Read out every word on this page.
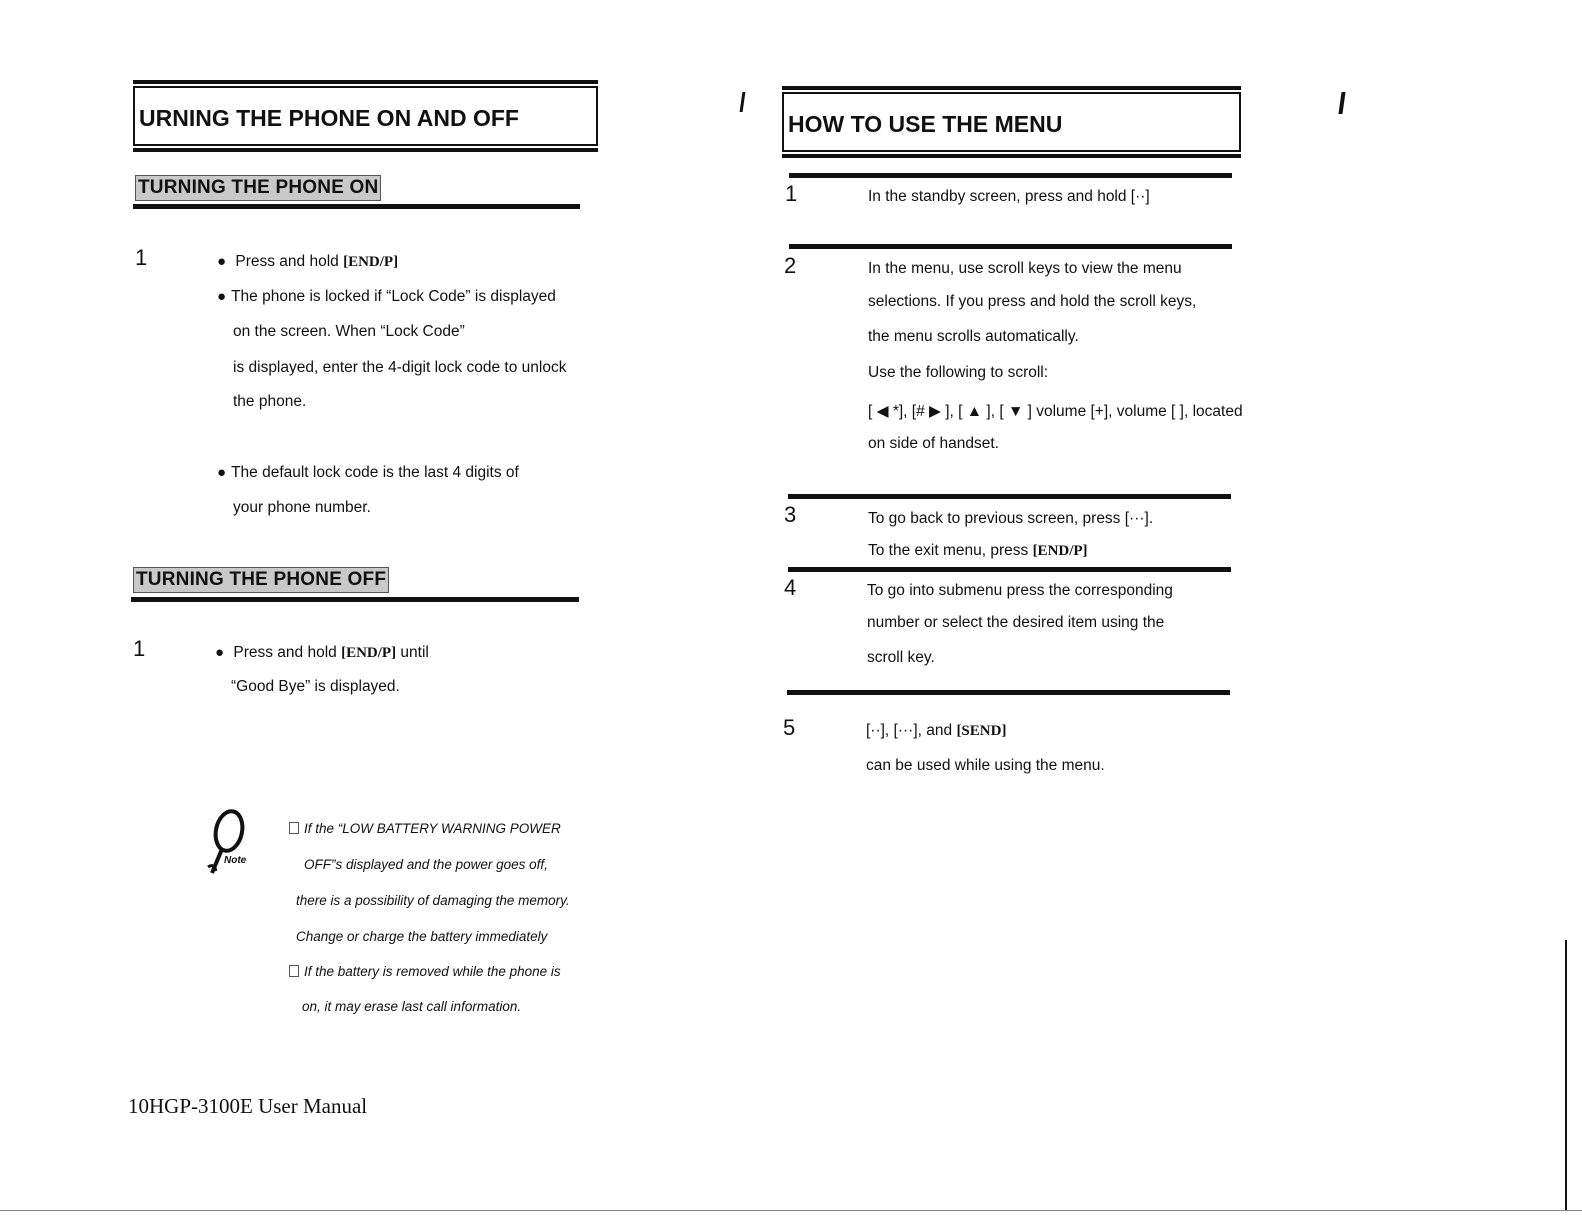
URNING THE PHONE ON AND OFF
TURNING THE PHONE ON
1	● Press and hold [END/P]
● The phone is locked if “Lock Code” is displayed
on the screen. When “Lock Code”
is displayed, enter the 4-digit lock code to unlock
the phone.
● The default lock code is the last 4 digits of
your phone number.
TURNING THE PHONE OFF
1	● Press and hold [END/P] until
“Good Bye” is displayed.
Note
If the “LOW BATTERY WARNING POWER
OFF”s displayed and the power goes off,
there is a possibility of damaging the memory.
Change or charge the battery immediately
If the battery is removed while the phone is
on, it may erase last call information.
10HGP-3100E User Manual
HOW TO USE THE MENU
1	In the standby screen, press and hold [··]
2	In the menu, use scroll keys to view the menu
selections. If you press and hold the scroll keys,
the menu scrolls automatically.
Use the following to scroll:
[ ◀ *], [# ▶ ], [ ▲ ], [ ▼ ] volume [+], volume [ ], located
on side of handset.
3	To go back to previous screen, press [···].
To the exit menu, press [END/P]
4	To go into submenu press the corresponding
number or select the desired item using the
scroll key.
5	[··], [···], and [SEND]
can be used while using the menu.
